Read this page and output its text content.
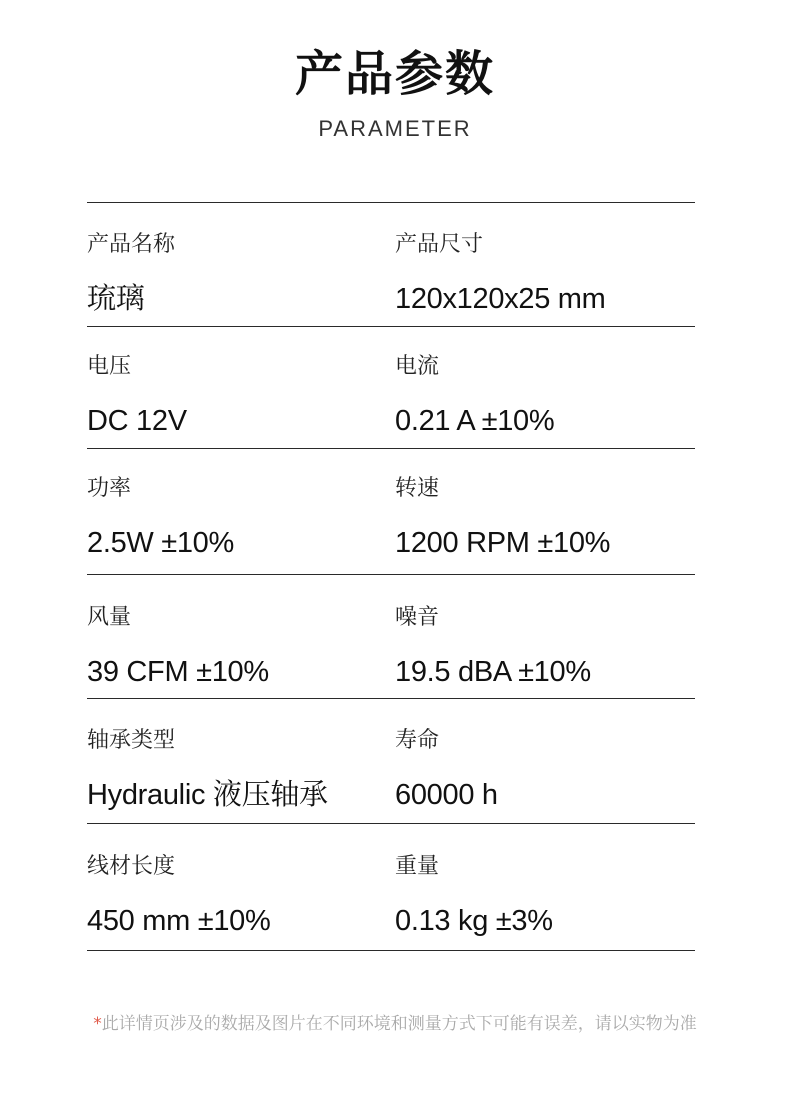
产品参数
PARAMETER
产品名称
琉璃
产品尺寸
120x120x25 mm
电压
DC 12V
电流
0.21 A ±10%
功率
2.5W ±10%
转速
1200 RPM ±10%
风量
39 CFM ±10%
噪音
19.5 dBA ±10%
轴承类型
Hydraulic 液压轴承
寿命
60000 h
线材长度
450 mm ±10%
重量
0.13 kg ±3%
*此详情页涉及的数据及图片在不同环境和测量方式下可能有误差，请以实物为准
